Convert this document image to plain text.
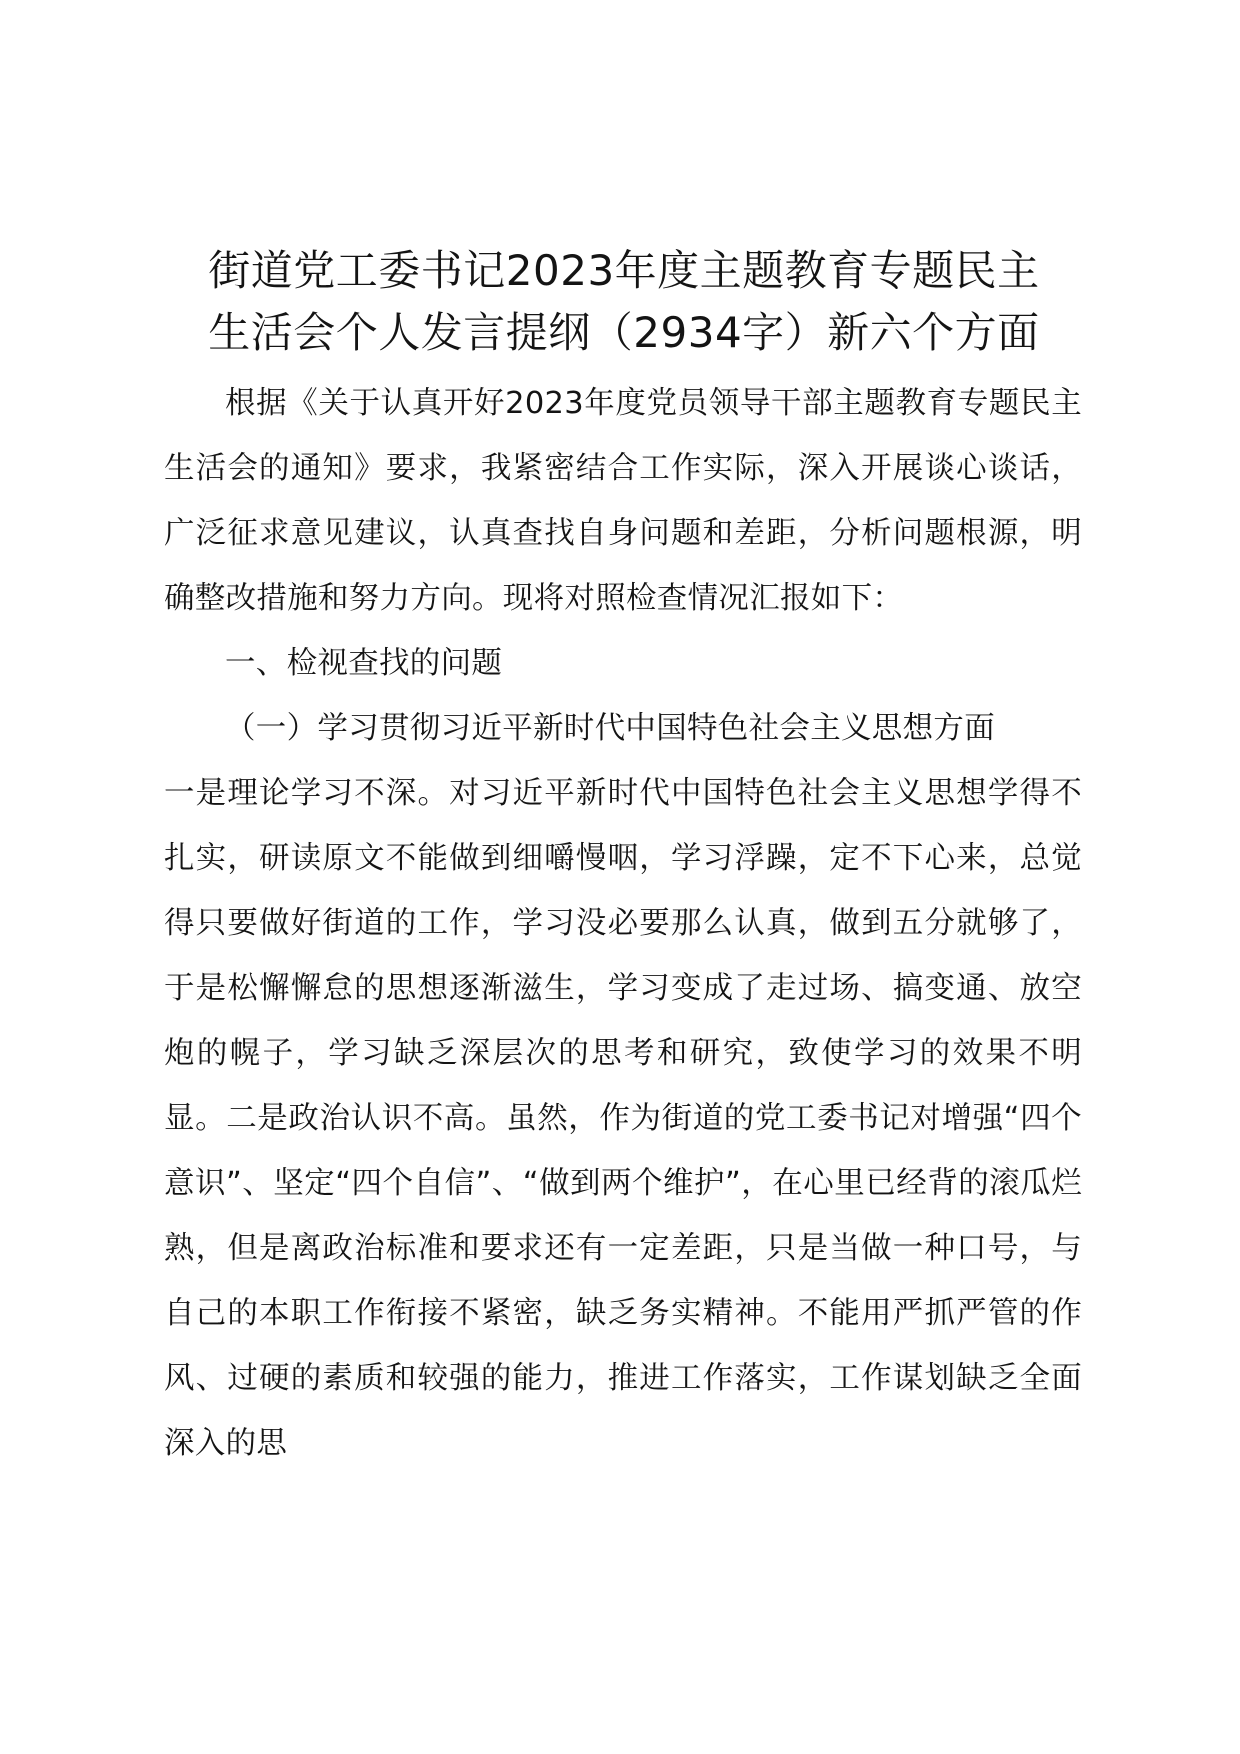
街道党工委书记2023年度主题教育专题民主
生活会个人发言提纲（2934字）新六个方面

根据《关于认真开好2023年度党员领导干部主题教育专题民主生活会的通知》要求，我紧密结合工作实际，深入开展谈心谈话，广泛征求意见建议，认真查找自身问题和差距，分析问题根源，明确整改措施和努力方向。现将对照检查情况汇报如下：

一、检视查找的问题

（一）学习贯彻习近平新时代中国特色社会主义思想方面

一是理论学习不深。对习近平新时代中国特色社会主义思想学得不扎实，研读原文不能做到细嚼慢咽，学习浮躁，定不下心来，总觉得只要做好街道的工作，学习没必要那么认真，做到五分就够了，于是松懈懈怠的思想逐渐滋生，学习变成了走过场、搞变通、放空炮的幌子，学习缺乏深层次的思考和研究，致使学习的效果不明显。二是政治认识不高。虽然，作为街道的党工委书记对增强“四个意识”、坚定“四个自信”、“做到两个维护”，在心里已经背的滚瓜烂熟，但是离政治标准和要求还有一定差距，只是当做一种口号，与自己的本职工作衔接不紧密，缺乏务实精神。不能用严抓严管的作风、过硬的素质和较强的能力，推进工作落实，工作谋划缺乏全面深入的思
